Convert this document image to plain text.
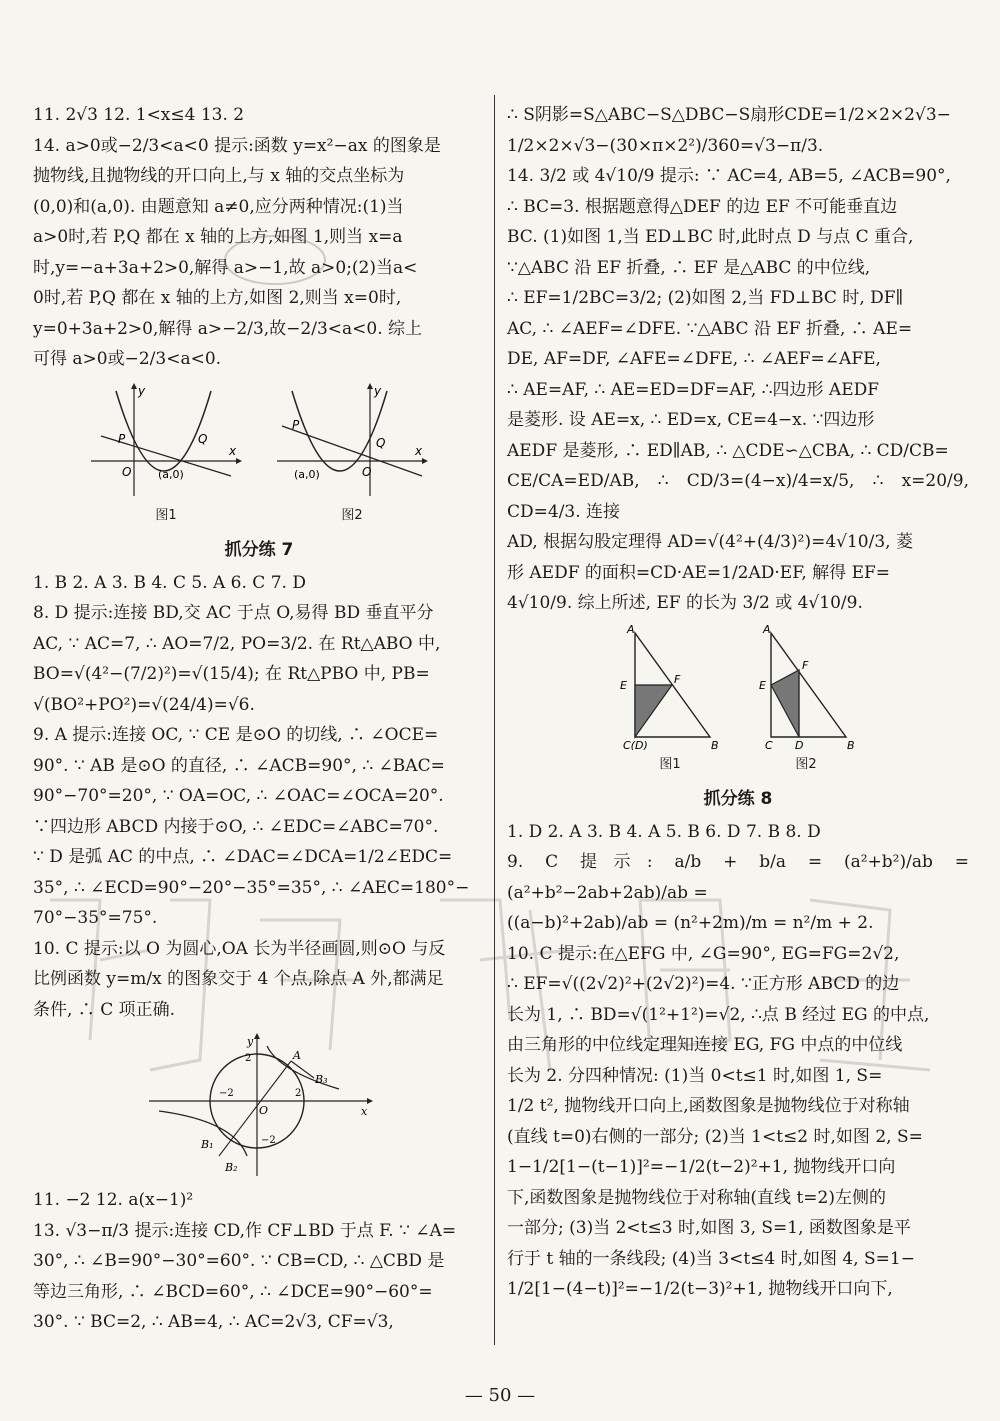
11. 2√3 12. 1<x≤4 13. 2

14. a>0或−2/3<a<0 提示:函数 y=x²−ax 的图象是

抛物线,且抛物线的开口向上,与 x 轴的交点坐标为

(0,0)和(a,0). 由题意知 a≠0,应分两种情况:(1)当

a>0时,若 P,Q 都在 x 轴的上方,如图 1,则当 x=a

时,y=−a+3a+2>0,解得 a>−1,故 a>0;(2)当a<

0时,若 P,Q 都在 x 轴的上方,如图 2,则当 x=0时,

y=0+3a+2>0,解得 a>−2/3,故−2/3<a<0. 综上

可得 a>0或−2/3<a<0.

y
x
O
P	Q
(a,0)
图1
y
x
O
P
Q
(a,0)
图2
抓分练 7

1. B 2. A 3. B 4. C 5. A 6. C 7. D

8. D 提示:连接 BD,交 AC 于点 O,易得 BD 垂直平分

AC, ∵ AC=7, ∴ AO=7/2, PO=3/2. 在 Rt△ABO 中,

BO=√(4²−(7/2)²)=√(15/4); 在 Rt△PBO 中, PB=

√(BO²+PO²)=√(24/4)=√6.

9. A 提示:连接 OC, ∵ CE 是⊙O 的切线, ∴ ∠OCE=

90°. ∵ AB 是⊙O 的直径, ∴ ∠ACB=90°, ∴ ∠BAC=

90°−70°=20°, ∵ OA=OC, ∴ ∠OAC=∠OCA=20°.

∵四边形 ABCD 内接于⊙O, ∴ ∠EDC=∠ABC=70°.

∵ D 是弧 AC 的中点, ∴ ∠DAC=∠DCA=1/2∠EDC=

35°, ∴ ∠ECD=90°−20°−35°=35°, ∴ ∠AEC=180°−

70°−35°=75°.

10. C 提示:以 O 为圆心,OA 长为半径画圆,则⊙O 与反

比例函数 y=m/x 的图象交于 4 个点,除点 A 外,都满足

条件, ∴ C 项正确.

y
x
O
A
B₁
B₂
B₃
2
−2	2
−2

11. −2 12. a(x−1)²

13. √3−π/3 提示:连接 CD,作 CF⊥BD 于点 F. ∵ ∠A=

30°, ∴ ∠B=90°−30°=60°. ∵ CB=CD, ∴ △CBD 是

等边三角形, ∴ ∠BCD=60°, ∴ ∠DCE=90°−60°=

30°. ∵ BC=2, ∴ AB=4, ∴ AC=2√3, CF=√3,

∴ S阴影=S△ABC−S△DBC−S扇形CDE=1/2×2×2√3−

1/2×2×√3−(30×π×2²)/360=√3−π/3.

14. 3/2 或 4√10/9 提示: ∵ AC=4, AB=5, ∠ACB=90°,

∴ BC=3. 根据题意得△DEF 的边 EF 不可能垂直边

BC. (1)如图 1,当 ED⊥BC 时,此时点 D 与点 C 重合,

∵△ABC 沿 EF 折叠, ∴ EF 是△ABC 的中位线,

∴ EF=1/2BC=3/2; (2)如图 2,当 FD⊥BC 时, DF∥

AC, ∴ ∠AEF=∠DFE. ∵△ABC 沿 EF 折叠, ∴ AE=

DE, AF=DF, ∠AFE=∠DFE, ∴ ∠AEF=∠AFE,

∴ AE=AF, ∴ AE=ED=DF=AF, ∴四边形 AEDF

是菱形. 设 AE=x, ∴ ED=x, CE=4−x. ∵四边形

AEDF 是菱形, ∴ ED∥AB, ∴ △CDE∽△CBA, ∴ CD/CB=

CE/CA=ED/AB, ∴ CD/3=(4−x)/4=x/5, ∴ x=20/9, CD=4/3. 连接

AD, 根据勾股定理得 AD=√(4²+(4/3)²)=4√10/3, 菱

形 AEDF 的面积=CD·AE=1/2AD·EF, 解得 EF=

4√10/9. 综上所述, EF 的长为 3/2 或 4√10/9.

A
E	F
C(D)	B
图1
A
E
F
C D	B
图2
抓分练 8

1. D 2. A 3. B 4. A 5. B 6. D 7. B 8. D

9. C 提示: a/b + b/a = (a²+b²)/ab = (a²+b²−2ab+2ab)/ab =

((a−b)²+2ab)/ab = (n²+2m)/m = n²/m + 2.

10. C 提示:在△EFG 中, ∠G=90°, EG=FG=2√2,

∴ EF=√((2√2)²+(2√2)²)=4. ∵正方形 ABCD 的边

长为 1, ∴ BD=√(1²+1²)=√2, ∴点 B 经过 EG 的中点,

由三角形的中位线定理知连接 EG, FG 中点的中位线

长为 2. 分四种情况: (1)当 0<t≤1 时,如图 1, S=

1/2 t², 抛物线开口向上,函数图象是抛物线位于对称轴

(直线 t=0)右侧的一部分; (2)当 1<t≤2 时,如图 2, S=

1−1/2[1−(t−1)]²=−1/2(t−2)²+1, 抛物线开口向

下,函数图象是抛物线位于对称轴(直线 t=2)左侧的

一部分; (3)当 2<t≤3 时,如图 3, S=1, 函数图象是平

行于 t 轴的一条线段; (4)当 3<t≤4 时,如图 4, S=1−

1/2[1−(4−t)]²=−1/2(t−3)²+1, 抛物线开口向下,

— 50 —
